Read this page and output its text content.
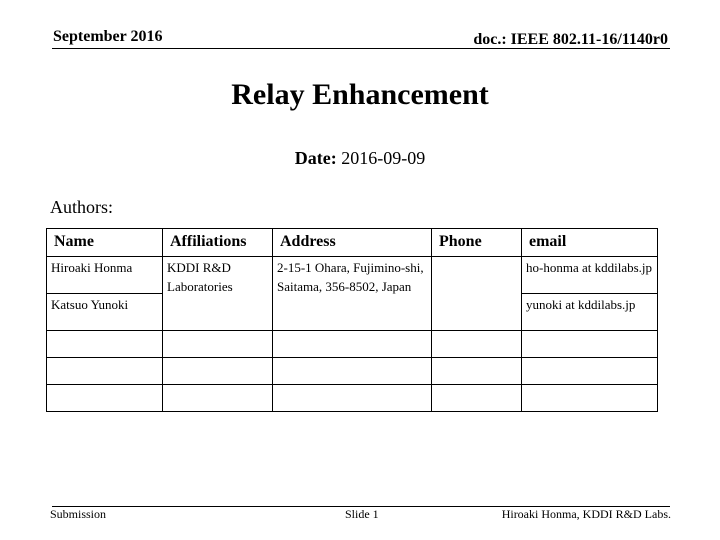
September 2016	doc.: IEEE 802.11-16/1140r0
Relay Enhancement
Date: 2016-09-09
Authors:
Name	Affiliations	Address	Phone	email
Hiroaki Honma	KDDI R&D Laboratories	2-15-1 Ohara, Fujimino-shi, Saitama, 356-8502, Japan		ho-honma at kddilabs.jp
Katsuo Yunoki				yunoki at kddilabs.jp

Submission	Slide 1	Hiroaki Honma, KDDI R&D Labs.
